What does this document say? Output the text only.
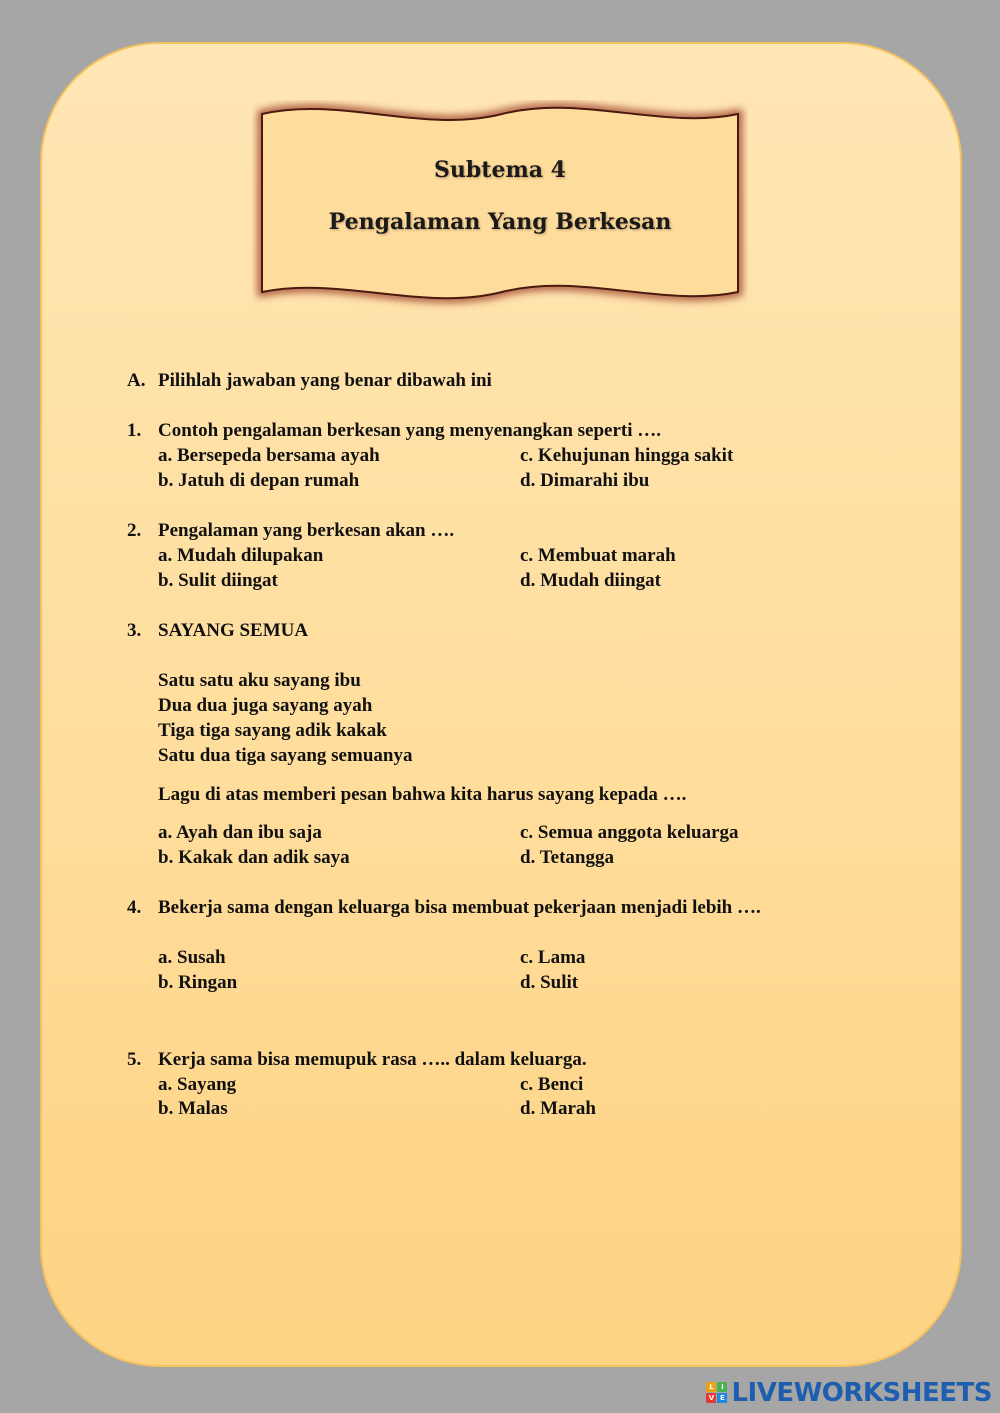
Subtema 4
Pengalaman Yang Berkesan
A. Pilihlah jawaban yang benar dibawah ini
1. Contoh pengalaman berkesan yang menyenangkan seperti ….
a. Bersepeda bersama ayah
b. Jatuh di depan rumah
c. Kehujunan hingga sakit
d. Dimarahi ibu
2. Pengalaman yang berkesan akan ….
a. Mudah dilupakan
b. Sulit diingat
c. Membuat marah
d. Mudah diingat
3. SAYANG SEMUA
Satu satu aku sayang ibu
Dua dua juga sayang ayah
Tiga tiga sayang adik kakak
Satu dua tiga sayang semuanya
Lagu di atas memberi pesan bahwa kita harus sayang kepada ….
a. Ayah dan ibu saja
b. Kakak dan adik saya
c. Semua anggota keluarga
d. Tetangga
4. Bekerja sama dengan keluarga bisa membuat pekerjaan menjadi lebih ….
a. Susah
b. Ringan
c. Lama
d. Sulit
5. Kerja sama bisa memupuk rasa ….. dalam keluarga.
a. Sayang
b. Malas
c. Benci
d. Marah
L	I
V E LIVEWORKSHEETS
